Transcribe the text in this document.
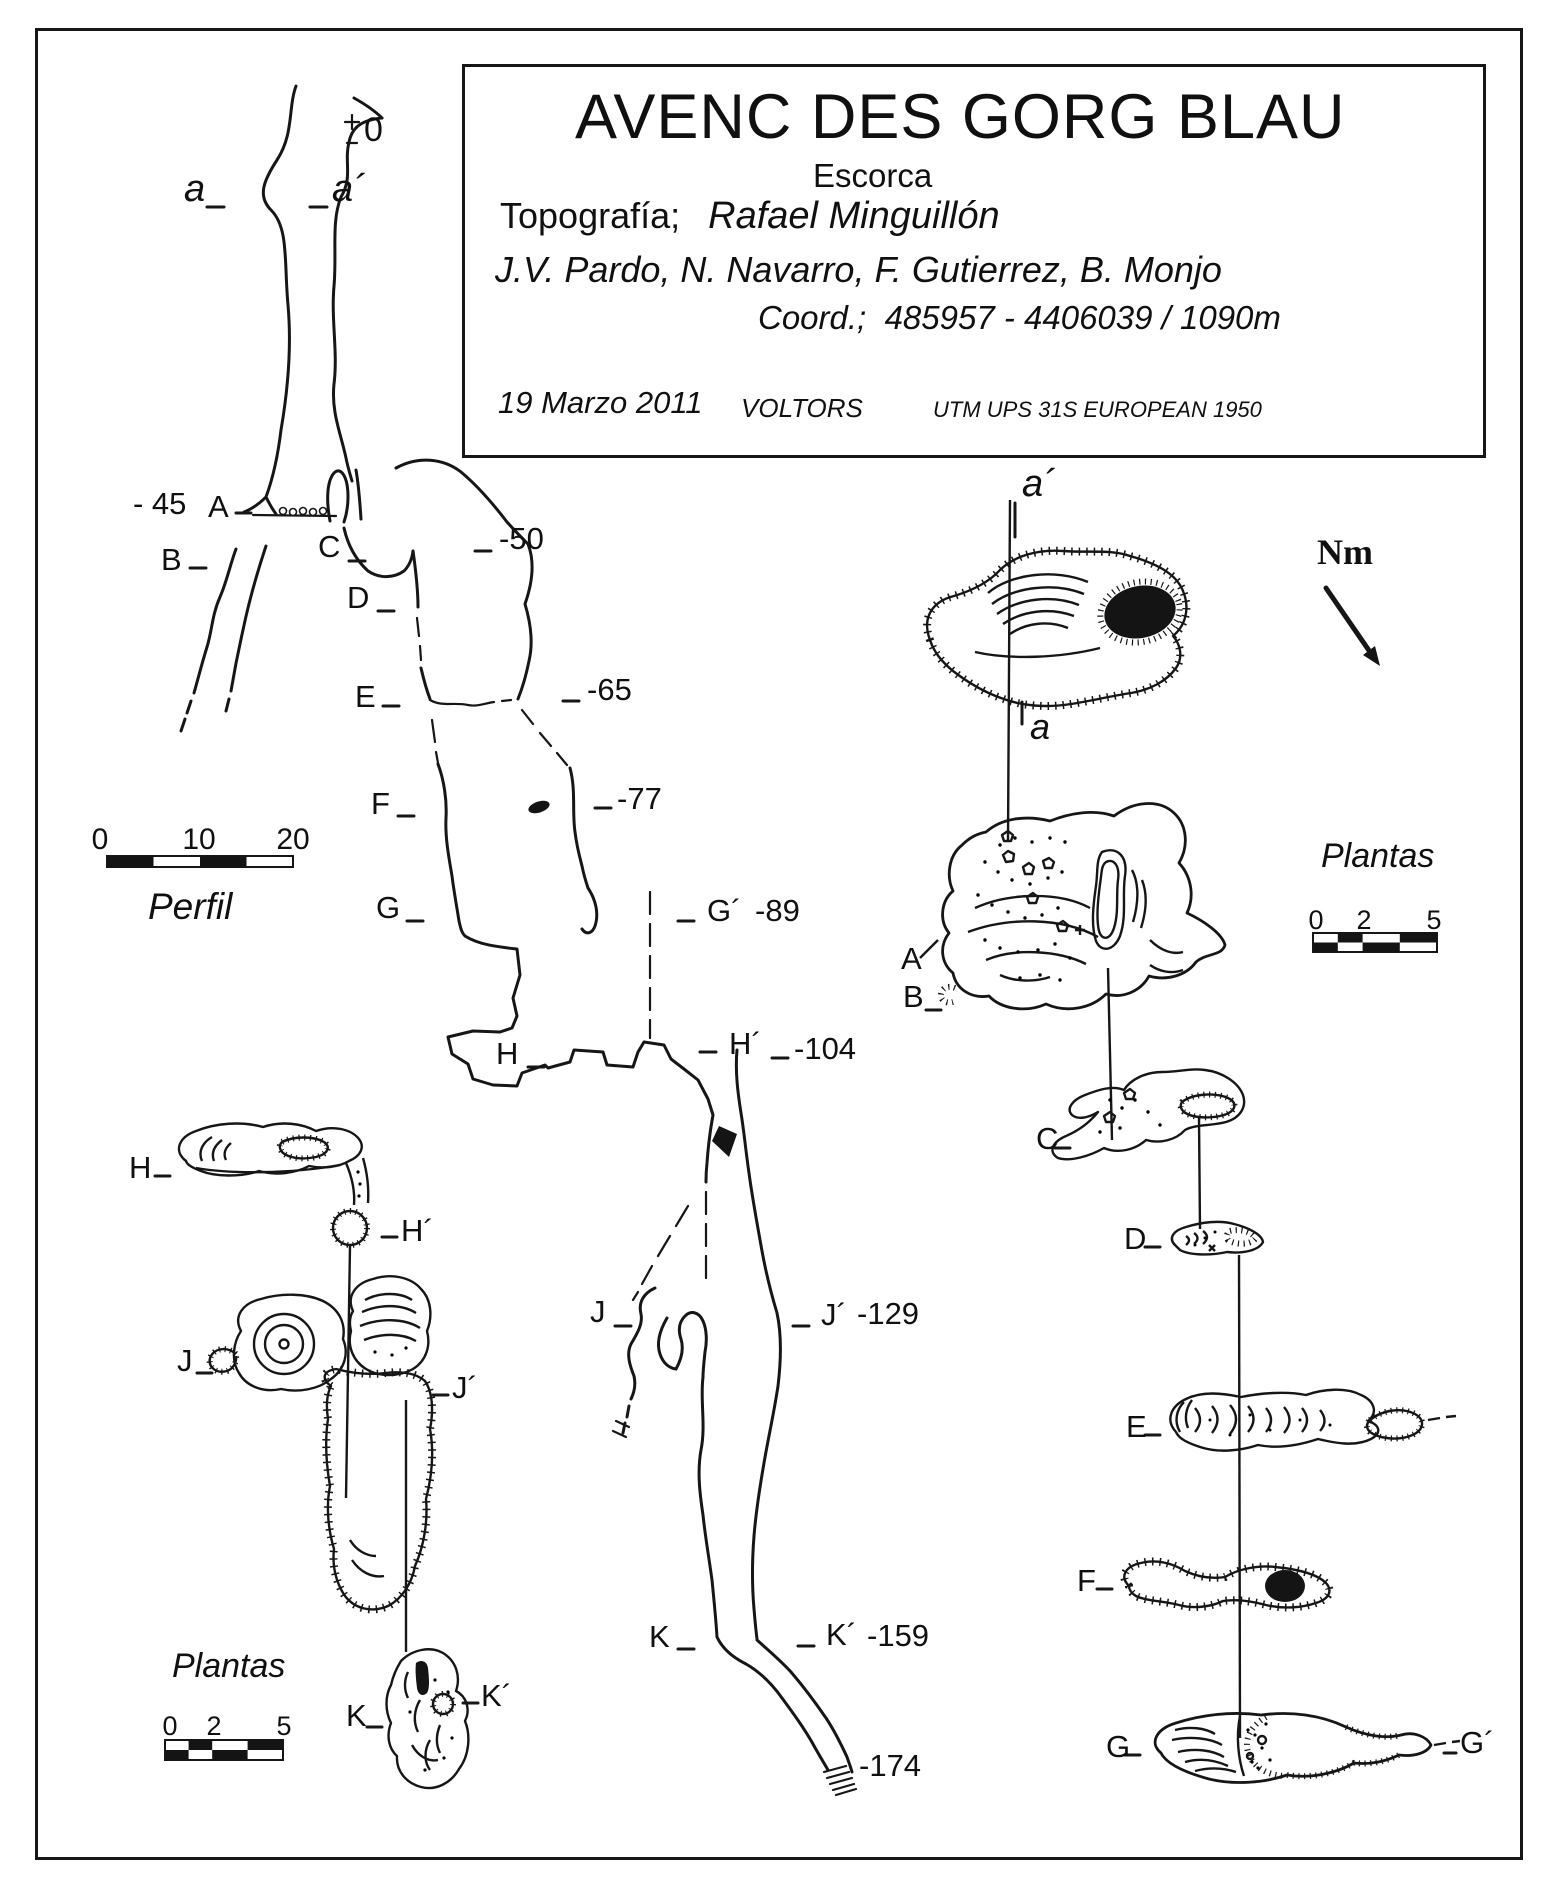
0
a	a´
- 45 A
B	C	-50
D
E	-65
F	-77
G	G´ -89
H	H´ -104
J	J´ -129
K	K´ -159
-174
0 10 20
Perfil
H
H´
J
J´
K
K´
Plantas
0 2 5
a´
a
Nm
A
B
C
D
E
F
G	G´
Plantas
0 2 5
AVENC DES GORG BLAU
Escorca
Topografía; Rafael Minguillón
J.V. Pardo, N. Navarro, F. Gutierrez, B. Monjo
Coord.; 485957 - 4406039 / 1090m
19 Marzo 2011 VOLTORS	UTM UPS 31S EUROPEAN 1950
